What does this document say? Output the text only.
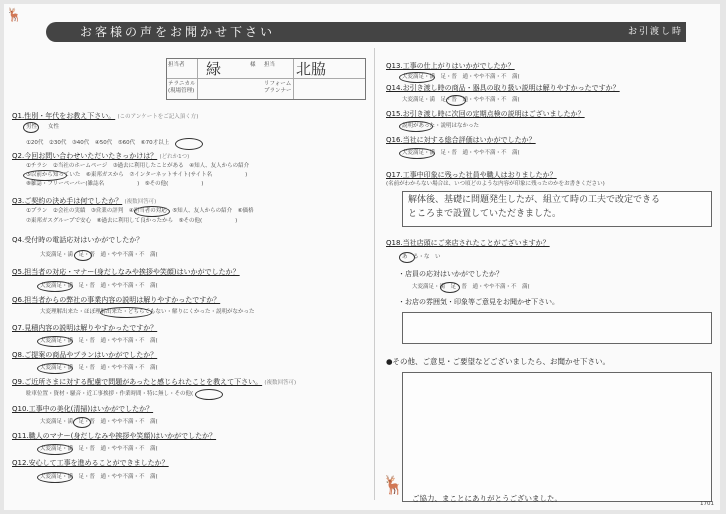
🦌
お客様の声をお聞かせ下さい	お引渡し時
担当者
テラニカル
(現場管理)
様 担当
リフォーム
プランナー
緑	北脇
Q1.性別・年代をお教え下さい。 (このアンケートをご記入頂く方)
男性　　女性
①20代　②30代　③40代　④50代　⑤60代　⑥70才以上
Q2.今回お問い合わせいただいたきっかけは？ (どれか1つ)
①チラシ　②当社のホームページ　③過去に利用したことがある　④知人、友人からの紹介
⑤以前から知っていた　⑥東邦ガスから　⑦インターネットサイト(サイト名　　　　　　)
⑧雑誌・フリーペーパー(雑誌名　　　　　　)　⑨その他(　　　　　　)
Q3.ご契約の決め手は何でしたか？ (複数回答可)
①プラン　②会社の実績　③営業の評判　④担当者の対応　⑤知人、友人からの紹介　⑥価格
⑦東邦ガスグループで安心　⑧過去に利用して良かったから　⑨その他(　　　　　　)
Q4.受付時の電話応対はいかがでしたか？
大変満足・満　足・普　通・やや不満・不　満(
Q5.担当者の対応・マナー(身だしなみや挨拶や笑顔)はいかがでしたか？
大変満足・満　足・普　通・やや不満・不　満(
Q6.担当者からの弊社の事業内容の説明は解りやすかったですか？
大変理解出来た・ほぼ理解出来た・どちらでもない・解りにくかった・説明がなかった
Q7.見積内容の説明は解りやすかったですか？
大変満足・満　足・普　通・やや不満・不　満(
Q8.ご提案の商品やプランはいかがでしたか？
大変満足・満　足・普　通・やや不満・不　満(
Q9.ご近所さまに対する配慮で問題があったと感じられたことを教えて下さい。 (複数回答可)
駐車位置・資材・騒音・近工事挨拶・作業時間・特に無し・その他(
Q10.工事中の美化(清掃)はいかがでしたか？
大変満足・満　足・普　通・やや不満・不　満(
Q11.職人のマナー(身だしなみや挨拶や笑顔)はいかがでしたか？
大変満足・満　足・普　通・やや不満・不　満(
Q12.安心して工事を進めることができましたか？
大変満足・満　足・普　通・やや不満・不　満(
Q13.工事の仕上がりはいかがでしたか？
大変満足・満　足・普　通・やや不満・不　満(
Q14.お引き渡し時の商品・器具の取り扱い説明は解りやすかったですか？
大変満足・満　足・普　通・やや不満・不　満(
Q15.お引き渡し時に次回の定期点検の説明はございましたか？
説明があった・説明はなかった
Q16.当社に対する総合評価はいかがでしたか？
大変満足・満　足・普　通・やや不満・不　満(
Q17.工事中印象に残った社員や職人はおりましたか？
(名前がわからない場合は、いつ頃どのような内容が印象に残ったのかをお書きください)
解体後、基礎に問題発生したが、組立て時の工夫で改定できる
ところまで設置していただきました。
Q18.当社店頭にご来店されたことがございますか？
あ　る・な　い
・店員の応対はいかがでしたか？
大変満足・満　足・普　通・やや不満・不　満(
・お店の雰囲気・印象等ご意見をお聞かせ下さい。
●その他、ご意見・ご要望などございましたら、お聞かせ下さい。
🦌
ご協力、まことにありがとうございました。
1701
